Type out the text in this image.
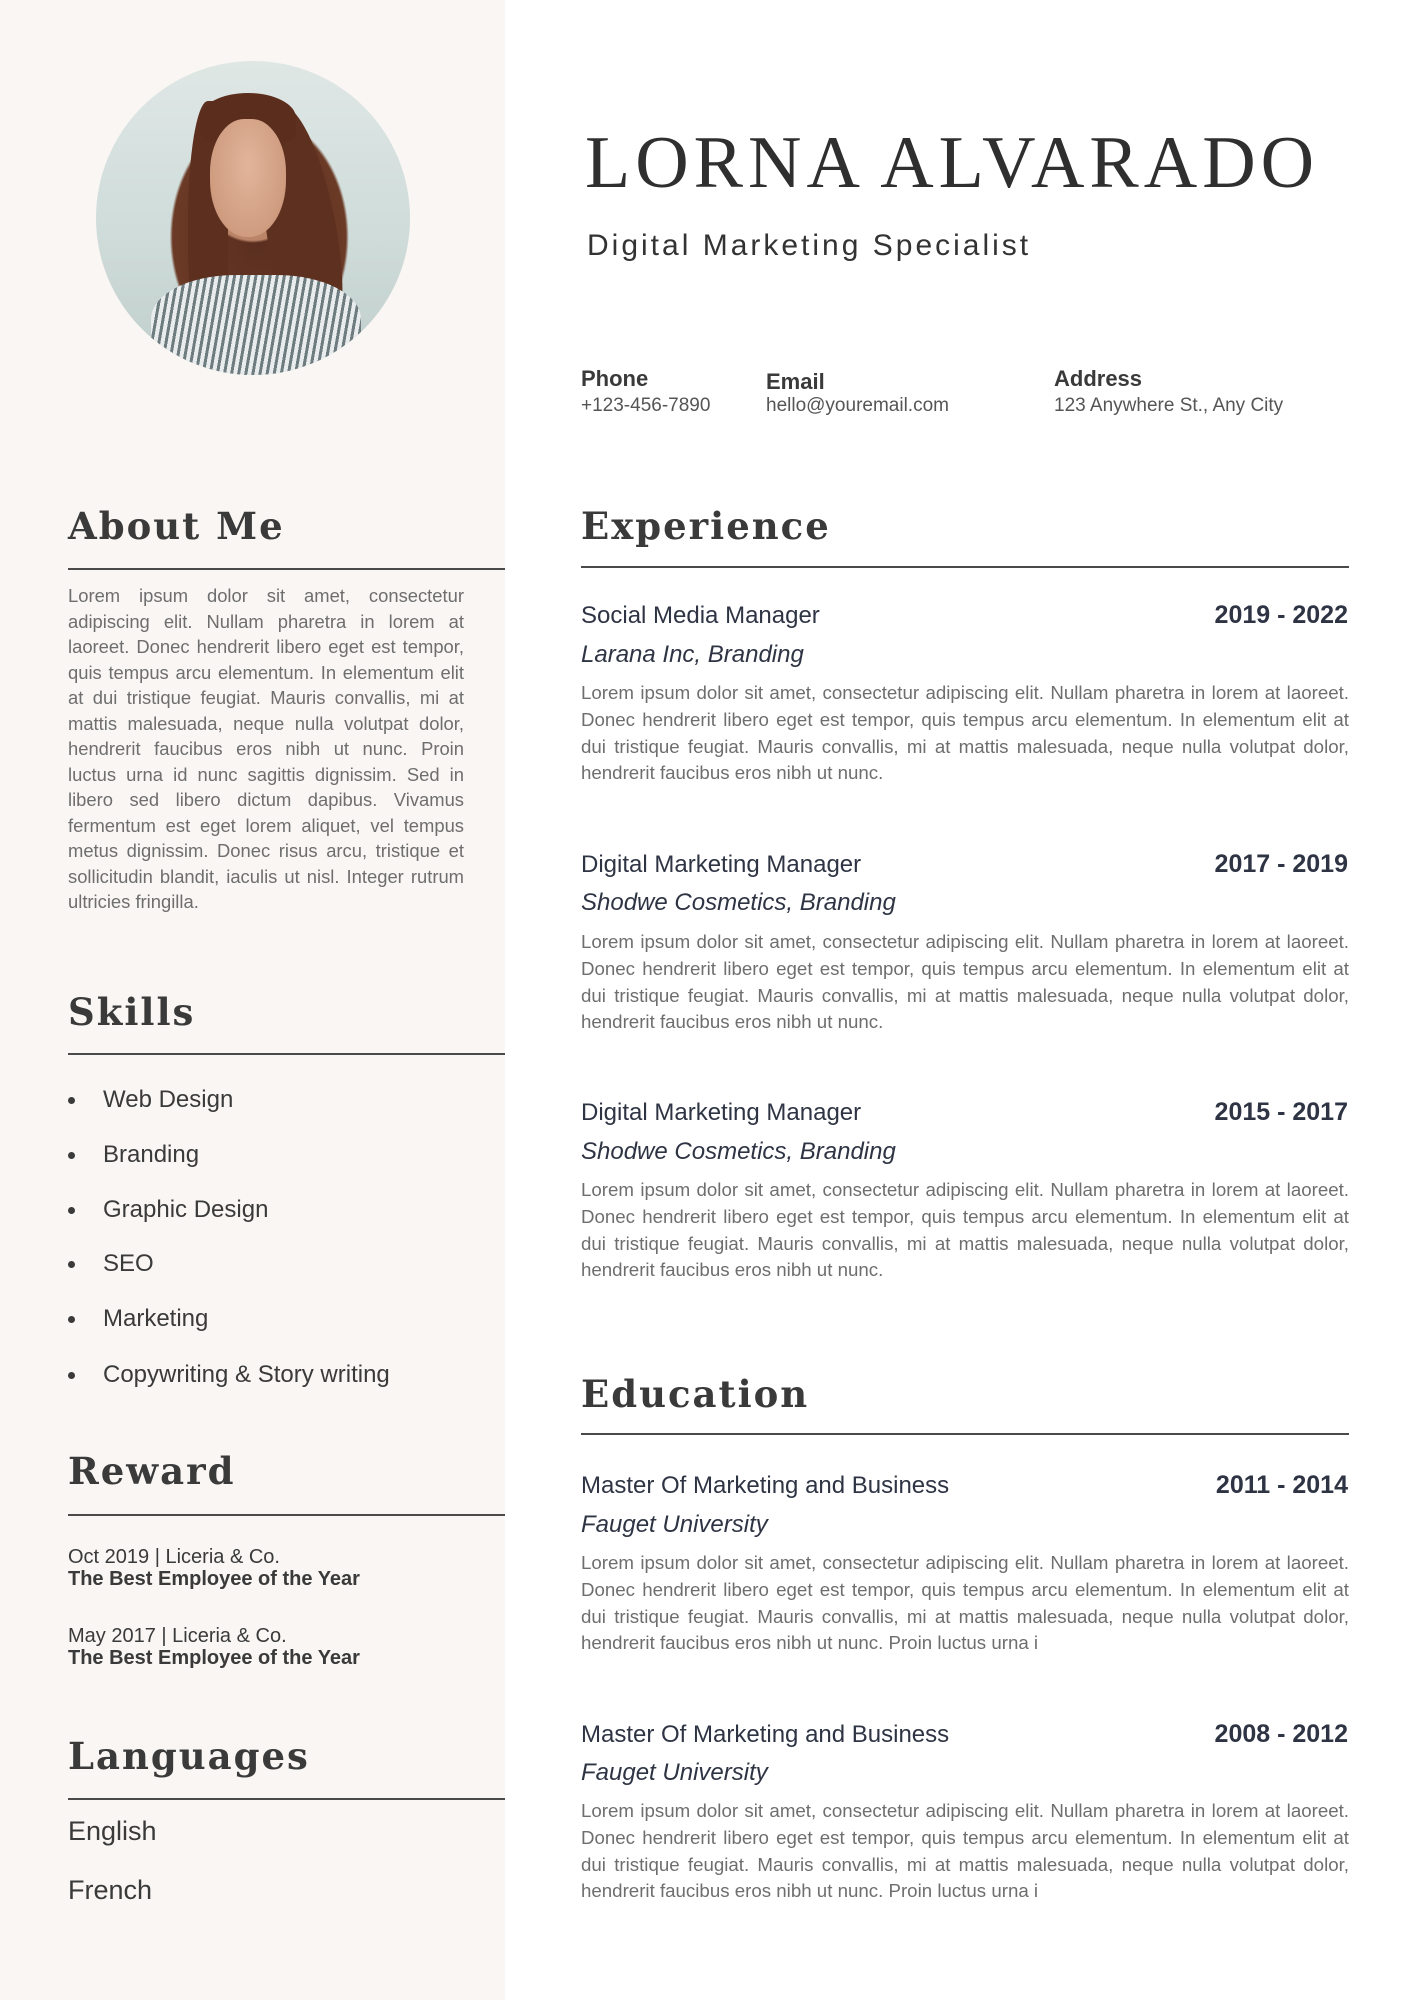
About Me
Lorem ipsum dolor sit amet, consectetur adipiscing elit. Nullam pharetra in lorem at laoreet. Donec hendrerit libero eget est tempor, quis tempus arcu elementum. In elementum elit at dui tristique feugiat. Mauris convallis, mi at mattis malesuada, neque nulla volutpat dolor, hendrerit faucibus eros nibh ut nunc. Proin luctus urna id nunc sagittis dignissim. Sed in libero sed libero dictum dapibus. Vivamus fermentum est eget lorem aliquet, vel tempus metus dignissim. Donec risus arcu, tristique et sollicitudin blandit, iaculis ut nisl. Integer rutrum ultricies fringilla.
Skills
Web Design
Branding
Graphic Design
SEO
Marketing
Copywriting & Story writing
Reward
Oct 2019 | Liceria & Co.
The Best Employee of the Year
May 2017 | Liceria & Co.
The Best Employee of the Year
Languages
English
French
LORNA ALVARADO
Digital Marketing Specialist
Phone
+123-456-7890
Email
hello@youremail.com
Address
123 Anywhere St., Any City
Experience
Social Media Manager	2019 - 2022
Larana Inc, Branding
Lorem ipsum dolor sit amet, consectetur adipiscing elit. Nullam pharetra in lorem at laoreet. Donec hendrerit libero eget est tempor, quis tempus arcu elementum. In elementum elit at dui tristique feugiat. Mauris convallis, mi at mattis malesuada, neque nulla volutpat dolor, hendrerit faucibus eros nibh ut nunc.
Digital Marketing Manager	2017 - 2019
Shodwe Cosmetics, Branding
Lorem ipsum dolor sit amet, consectetur adipiscing elit. Nullam pharetra in lorem at laoreet. Donec hendrerit libero eget est tempor, quis tempus arcu elementum. In elementum elit at dui tristique feugiat. Mauris convallis, mi at mattis malesuada, neque nulla volutpat dolor, hendrerit faucibus eros nibh ut nunc.
Digital Marketing Manager	2015 - 2017
Shodwe Cosmetics, Branding
Lorem ipsum dolor sit amet, consectetur adipiscing elit. Nullam pharetra in lorem at laoreet. Donec hendrerit libero eget est tempor, quis tempus arcu elementum. In elementum elit at dui tristique feugiat. Mauris convallis, mi at mattis malesuada, neque nulla volutpat dolor, hendrerit faucibus eros nibh ut nunc.
Education
Master Of Marketing and Business	2011 - 2014
Fauget University
Lorem ipsum dolor sit amet, consectetur adipiscing elit. Nullam pharetra in lorem at laoreet. Donec hendrerit libero eget est tempor, quis tempus arcu elementum. In elementum elit at dui tristique feugiat. Mauris convallis, mi at mattis malesuada, neque nulla volutpat dolor, hendrerit faucibus eros nibh ut nunc. Proin luctus urna i
Master Of Marketing and Business	2008 - 2012
Fauget University
Lorem ipsum dolor sit amet, consectetur adipiscing elit. Nullam pharetra in lorem at laoreet. Donec hendrerit libero eget est tempor, quis tempus arcu elementum. In elementum elit at dui tristique feugiat. Mauris convallis, mi at mattis malesuada, neque nulla volutpat dolor, hendrerit faucibus eros nibh ut nunc. Proin luctus urna i
